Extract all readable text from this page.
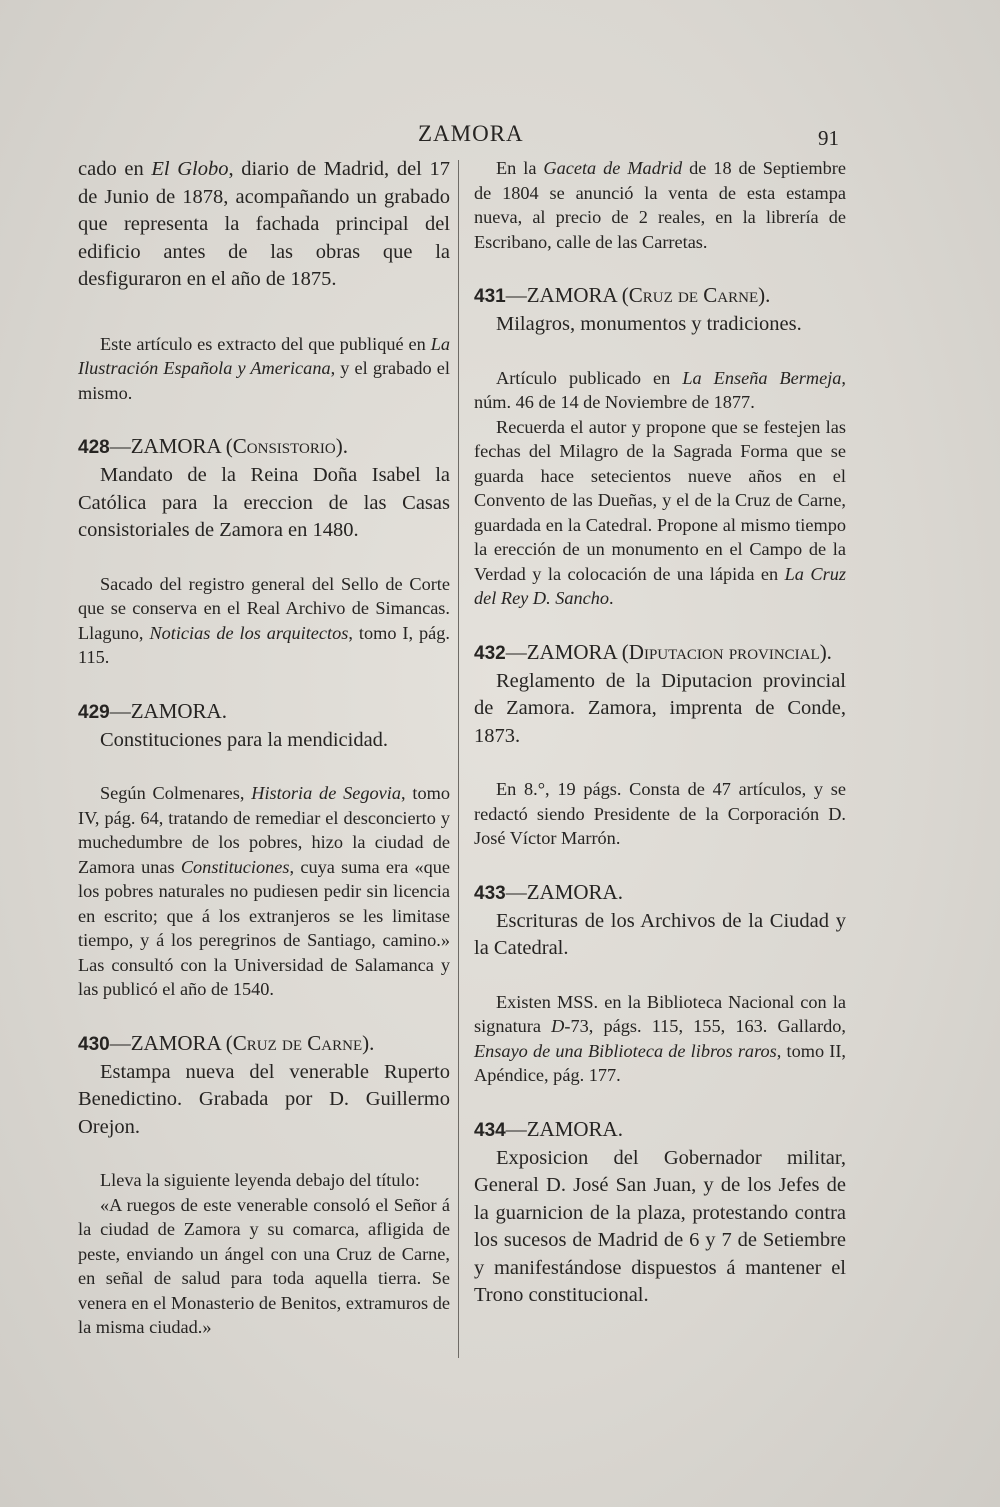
ZAMORA	91

cado en El Globo, diario de Madrid, del 17 de Junio de 1878, acompañando un grabado que representa la fachada principal del edificio antes de las obras que la desfiguraron en el año de 1875.

Este artículo es extracto del que publiqué en La Ilustración Española y Americana, y el grabado el mismo.

428—ZAMORA (Consistorio).

Mandato de la Reina Doña Isabel la Católica para la ereccion de las Casas consistoriales de Zamora en 1480.

Sacado del registro general del Sello de Corte que se conserva en el Real Archivo de Simancas. Llaguno, Noticias de los arquitectos, tomo I, pág. 115.

429—ZAMORA.

Constituciones para la mendicidad.

Según Colmenares, Historia de Segovia, tomo IV, pág. 64, tratando de remediar el desconcierto y muchedumbre de los pobres, hizo la ciudad de Zamora unas Constituciones, cuya suma era «que los pobres naturales no pudiesen pedir sin licencia en escrito; que á los extranjeros se les limitase tiempo, y á los peregrinos de Santiago, camino.» Las consultó con la Universidad de Salamanca y las publicó el año de 1540.

430—ZAMORA (Cruz de Carne).

Estampa nueva del venerable Ruperto Benedictino. Grabada por D. Guillermo Orejon.

Lleva la siguiente leyenda debajo del título:

«A ruegos de este venerable consoló el Señor á la ciudad de Zamora y su comarca, afligida de peste, enviando un ángel con una Cruz de Carne, en señal de salud para toda aquella tierra. Se venera en el Monasterio de Benitos, extramuros de la misma ciudad.»

En la Gaceta de Madrid de 18 de Septiembre de 1804 se anunció la venta de esta estampa nueva, al precio de 2 reales, en la librería de Escribano, calle de las Carretas.

431—ZAMORA (Cruz de Carne).

Milagros, monumentos y tradiciones.

Artículo publicado en La Enseña Bermeja, núm. 46 de 14 de Noviembre de 1877.

Recuerda el autor y propone que se festejen las fechas del Milagro de la Sagrada Forma que se guarda hace setecientos nueve años en el Convento de las Dueñas, y el de la Cruz de Carne, guardada en la Catedral. Propone al mismo tiempo la erección de un monumento en el Campo de la Verdad y la colocación de una lápida en La Cruz del Rey D. Sancho.

432—ZAMORA (Diputacion provincial).

Reglamento de la Diputacion provincial de Zamora. Zamora, imprenta de Conde, 1873.

En 8.°, 19 págs. Consta de 47 artículos, y se redactó siendo Presidente de la Corporación D. José Víctor Marrón.

433—ZAMORA.

Escrituras de los Archivos de la Ciudad y la Catedral.

Existen MSS. en la Biblioteca Nacional con la signatura D-73, págs. 115, 155, 163. Gallardo, Ensayo de una Biblioteca de libros raros, tomo II, Apéndice, pág. 177.

434—ZAMORA.

Exposicion del Gobernador militar, General D. José San Juan, y de los Jefes de la guarnicion de la plaza, protestando contra los sucesos de Madrid de 6 y 7 de Setiembre y manifestándose dispuestos á mantener el Trono constitucional.
